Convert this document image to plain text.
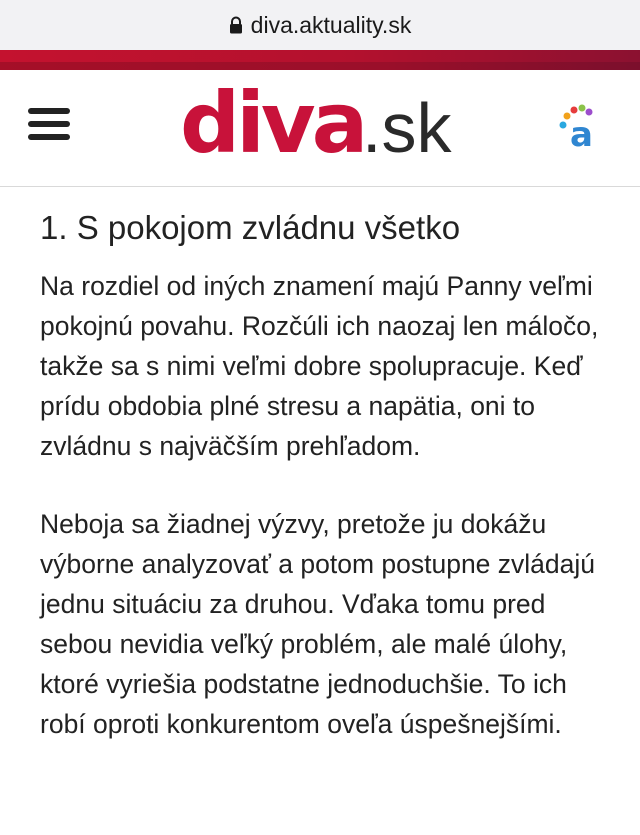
diva.aktuality.sk
diva
.sk	a
1. S pokojom zvládnu všetko

Na rozdiel od iných znamení majú Panny veľmi pokojnú povahu. Rozčúli ich naozaj len máločo, takže sa s nimi veľmi dobre spolupracuje. Keď prídu obdobia plné stresu a napätia, oni to zvládnu s najväčším prehľadom.

Neboja sa žiadnej výzvy, pretože ju dokážu výborne analyzovať a potom postupne zvládajú jednu situáciu za druhou. Vďaka tomu pred sebou nevidia veľký problém, ale malé úlohy, ktoré vyriešia podstatne jednoduchšie. To ich robí oproti konkurentom oveľa úspešnejšími.
